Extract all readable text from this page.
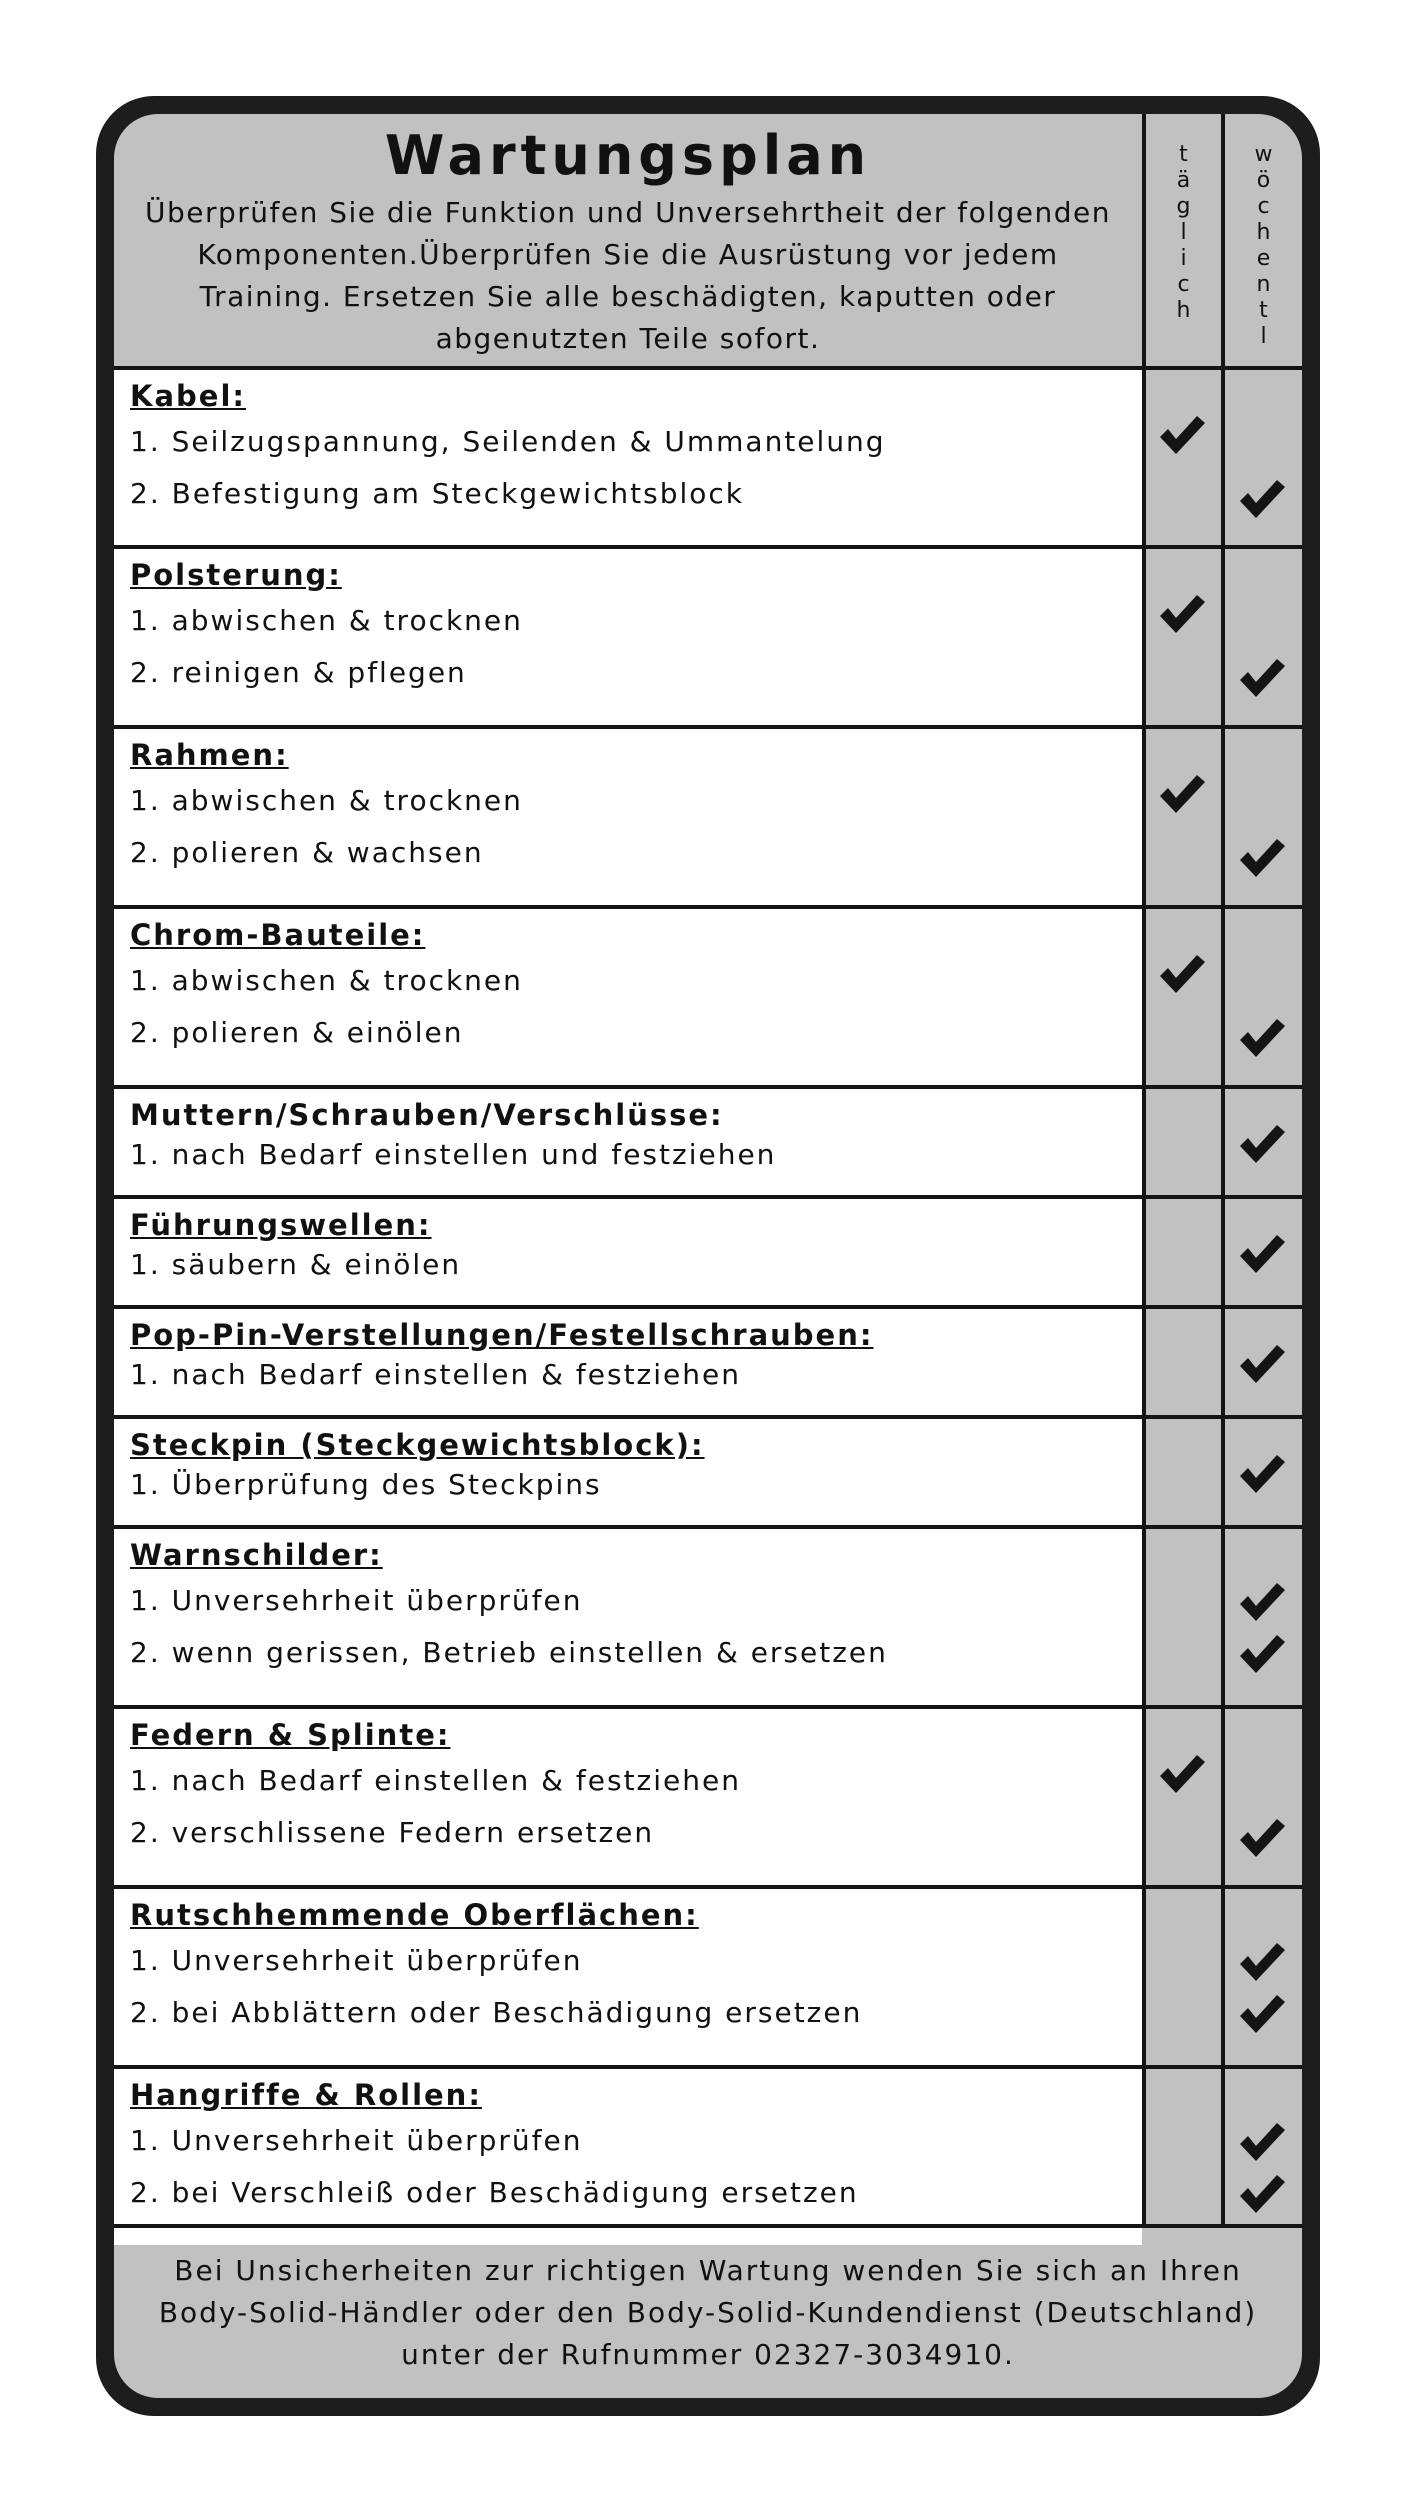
Wartungsplan
Überprüfen Sie die Funktion und Unversehrtheit der folgenden Komponenten.Überprüfen Sie die Ausrüstung vor jedem Training. Ersetzen Sie alle beschädigten, kaputten oder abgenutzten Teile sofort.
t
ä
g
l
i
c
h
w
ö
c
h
e
n
t
l
.
Kabel:
1. Seilzugspannung, Seilenden & Ummantelung
2. Befestigung am Steckgewichtsblock
Polsterung:
1. abwischen & trocknen
2. reinigen & pflegen
Rahmen:
1. abwischen & trocknen
2. polieren & wachsen
Chrom-Bauteile:
1. abwischen & trocknen
2. polieren & einölen
Muttern/Schrauben/Verschlüsse:
1. nach Bedarf einstellen und festziehen
Führungswellen:
1. säubern & einölen
Pop-Pin-Verstellungen/Festellschrauben:
1. nach Bedarf einstellen & festziehen
Steckpin (Steckgewichtsblock):
1. Überprüfung des Steckpins
Warnschilder:
1. Unversehrheit überprüfen
2. wenn gerissen, Betrieb einstellen & ersetzen
Federn & Splinte:
1. nach Bedarf einstellen & festziehen
2. verschlissene Federn ersetzen
Rutschhemmende Oberflächen:
1. Unversehrheit überprüfen
2. bei Abblättern oder Beschädigung ersetzen
Hangriffe & Rollen:
1. Unversehrheit überprüfen
2. bei Verschleiß oder Beschädigung ersetzen
Bei Unsicherheiten zur richtigen Wartung wenden Sie sich an Ihren Body-Solid-Händler oder den Body-Solid-Kundendienst (Deutschland) unter der Rufnummer 02327-3034910.
